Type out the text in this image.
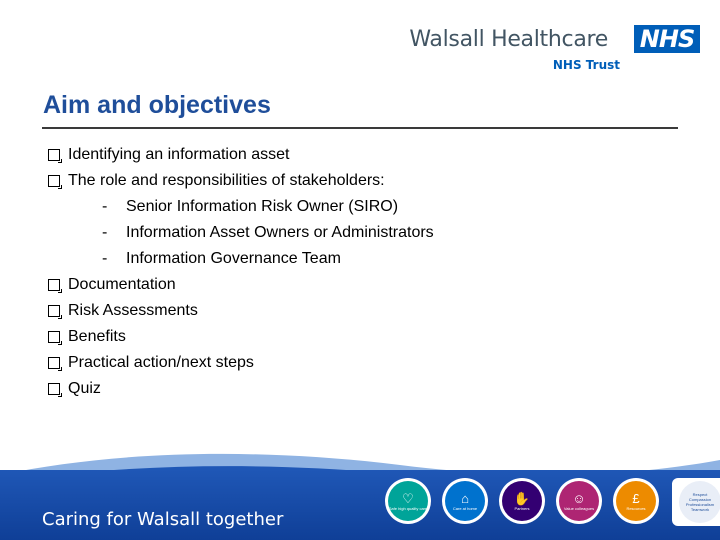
Walsall Healthcare NHS
NHS Trust
Aim and objectives
Identifying an information asset
The role and responsibilities of stakeholders:
-	Senior Information Risk Owner (SIRO)
-	Information Asset Owners or Administrators
-	Information Governance Team
Documentation
Risk Assessments
Benefits
Practical action/next steps
Quiz
Caring for Walsall together
♡
Safe high quality care
⌂
Care at home
✋
Partners
☺
Value colleagues
£
Resources
Respect
Compassion
Professionalism
Teamwork
